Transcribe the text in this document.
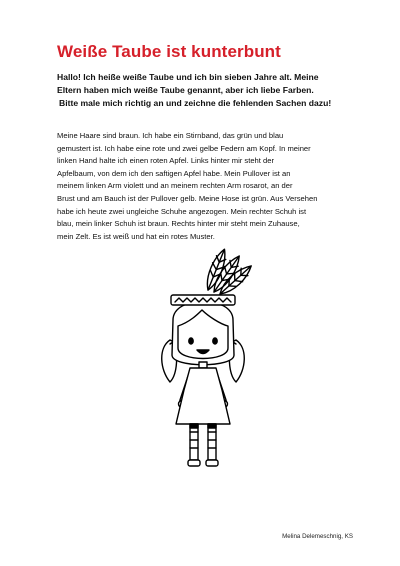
Weiße Taube ist kunterbunt
Hallo! Ich heiße weiße Taube und ich bin sieben Jahre alt. Meine
Eltern haben mich weiße Taube genannt, aber ich liebe Farben.
Bitte male mich richtig an und zeichne die fehlenden Sachen dazu!
Meine Haare sind braun. Ich habe ein Stirnband, das grün und blau
gemustert ist. Ich habe eine rote und zwei gelbe Federn am Kopf. In meiner
linken Hand halte ich einen roten Apfel. Links hinter mir steht der
Apfelbaum, von dem ich den saftigen Apfel habe. Mein Pullover ist an
meinem linken Arm violett und an meinem rechten Arm rosarot, an der
Brust und am Bauch ist der Pullover gelb. Meine Hose ist grün. Aus Versehen
habe ich heute zwei ungleiche Schuhe angezogen. Mein rechter Schuh ist
blau, mein linker Schuh ist braun. Rechts hinter mir steht mein Zuhause,
mein Zelt. Es ist weiß und hat ein rotes Muster.
Melina Delemeschnig, KS
